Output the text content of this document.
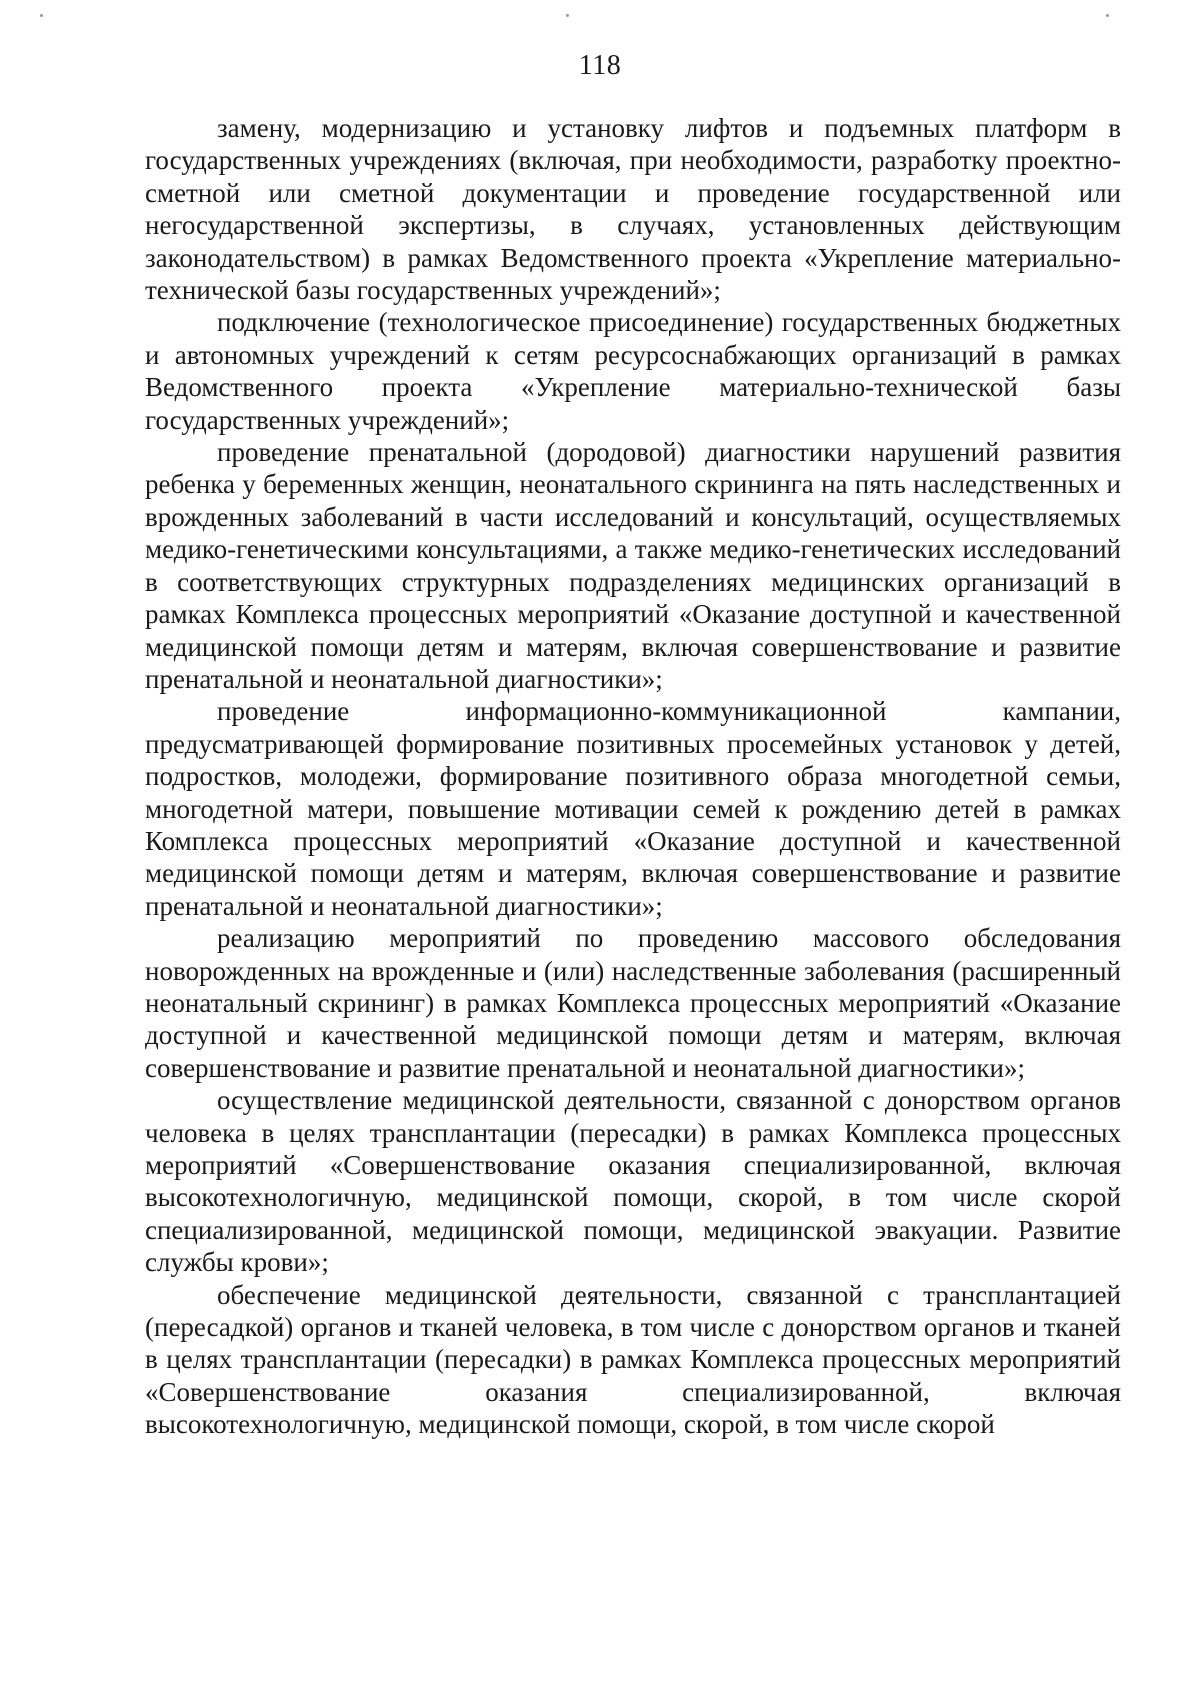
118

замену, модернизацию и установку лифтов и подъемных платформ в государственных учреждениях (включая, при необходимости, разработку проектно-сметной или сметной документации и проведение государственной или негосударственной экспертизы, в случаях, установленных действующим законодательством) в рамках Ведомственного проекта «Укрепление материально-технической базы государственных учреждений»;

подключение (технологическое присоединение) государственных бюджетных и автономных учреждений к сетям ресурсоснабжающих организаций в рамках Ведомственного проекта «Укрепление материально-технической базы государственных учреждений»;

проведение пренатальной (дородовой) диагностики нарушений развития ребенка у беременных женщин, неонатального скрининга на пять наследственных и врожденных заболеваний в части исследований и консультаций, осуществляемых медико-генетическими консультациями, а также медико-генетических исследований в соответствующих структурных подразделениях медицинских организаций в рамках Комплекса процессных мероприятий «Оказание доступной и качественной медицинской помощи детям и матерям, включая совершенствование и развитие пренатальной и неонатальной диагностики»;

проведение информационно-коммуникационной кампании, предусматривающей формирование позитивных просемейных установок у детей, подростков, молодежи, формирование позитивного образа многодетной семьи, многодетной матери, повышение мотивации семей к рождению детей в рамках Комплекса процессных мероприятий «Оказание доступной и качественной медицинской помощи детям и матерям, включая совершенствование и развитие пренатальной и неонатальной диагностики»;

реализацию мероприятий по проведению массового обследования новорожденных на врожденные и (или) наследственные заболевания (расширенный неонатальный скрининг) в рамках Комплекса процессных мероприятий «Оказание доступной и качественной медицинской помощи детям и матерям, включая совершенствование и развитие пренатальной и неонатальной диагностики»;

осуществление медицинской деятельности, связанной с донорством органов человека в целях трансплантации (пересадки) в рамках Комплекса процессных мероприятий «Совершенствование оказания специализированной, включая высокотехнологичную, медицинской помощи, скорой, в том числе скорой специализированной, медицинской помощи, медицинской эвакуации. Развитие службы крови»;

обеспечение медицинской деятельности, связанной с трансплантацией (пересадкой) органов и тканей человека, в том числе с донорством органов и тканей в целях трансплантации (пересадки) в рамках Комплекса процессных мероприятий «Совершенствование оказания специализированной, включая высокотехнологичную, медицинской помощи, скорой, в том числе скорой
